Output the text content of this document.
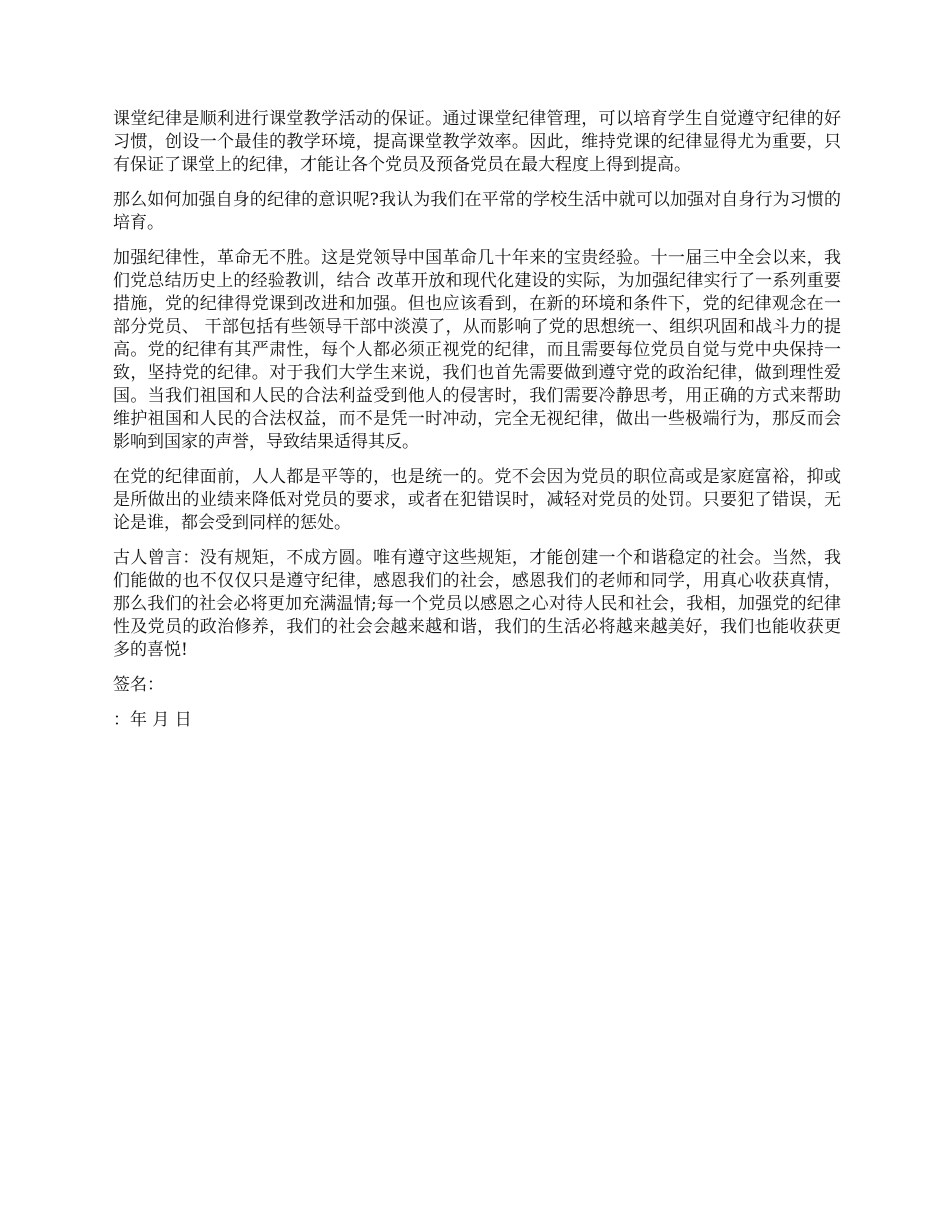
课堂纪律是顺利进行课堂教学活动的保证。通过课堂纪律管理，可以培育学生自觉遵守纪律的好习惯，创设一个最佳的教学环境，提高课堂教学效率。因此，维持党课的纪律显得尤为重要，只有保证了课堂上的纪律，才能让各个党员及预备党员在最大程度上得到提高。

那么如何加强自身的纪律的意识呢?我认为我们在平常的学校生活中就可以加强对自身行为习惯的培育。

加强纪律性，革命无不胜。这是党领导中国革命几十年来的宝贵经验。十一届三中全会以来，我们党总结历史上的经验教训，结合 改革开放和现代化建设的实际，为加强纪律实行了一系列重要措施，党的纪律得党课到改进和加强。但也应该看到，在新的环境和条件下，党的纪律观念在一部分党员、 干部包括有些领导干部中淡漠了，从而影响了党的思想统一、组织巩固和战斗力的提高。党的纪律有其严肃性，每个人都必须正视党的纪律，而且需要每位党员自觉与党中央保持一致，坚持党的纪律。对于我们大学生来说，我们也首先需要做到遵守党的政治纪律，做到理性爱国。当我们祖国和人民的合法利益受到他人的侵害时，我们需要冷静思考，用正确的方式来帮助维护祖国和人民的合法权益，而不是凭一时冲动，完全无视纪律，做出一些极端行为，那反而会影响到国家的声誉，导致结果适得其反。

在党的纪律面前，人人都是平等的，也是统一的。党不会因为党员的职位高或是家庭富裕，抑或是所做出的业绩来降低对党员的要求，或者在犯错误时，减轻对党员的处罚。只要犯了错误，无论是谁，都会受到同样的惩处。

古人曾言：没有规矩，不成方圆。唯有遵守这些规矩，才能创建一个和谐稳定的社会。当然，我们能做的也不仅仅只是遵守纪律，感恩我们的社会，感恩我们的老师和同学，用真心收获真情，那么我们的社会必将更加充满温情;每一个党员以感恩之心对待人民和社会，我相，加强党的纪律性及党员的政治修养，我们的社会会越来越和谐，我们的生活必将越来越美好，我们也能收获更多的喜悦!

签名：

：年 月 日
